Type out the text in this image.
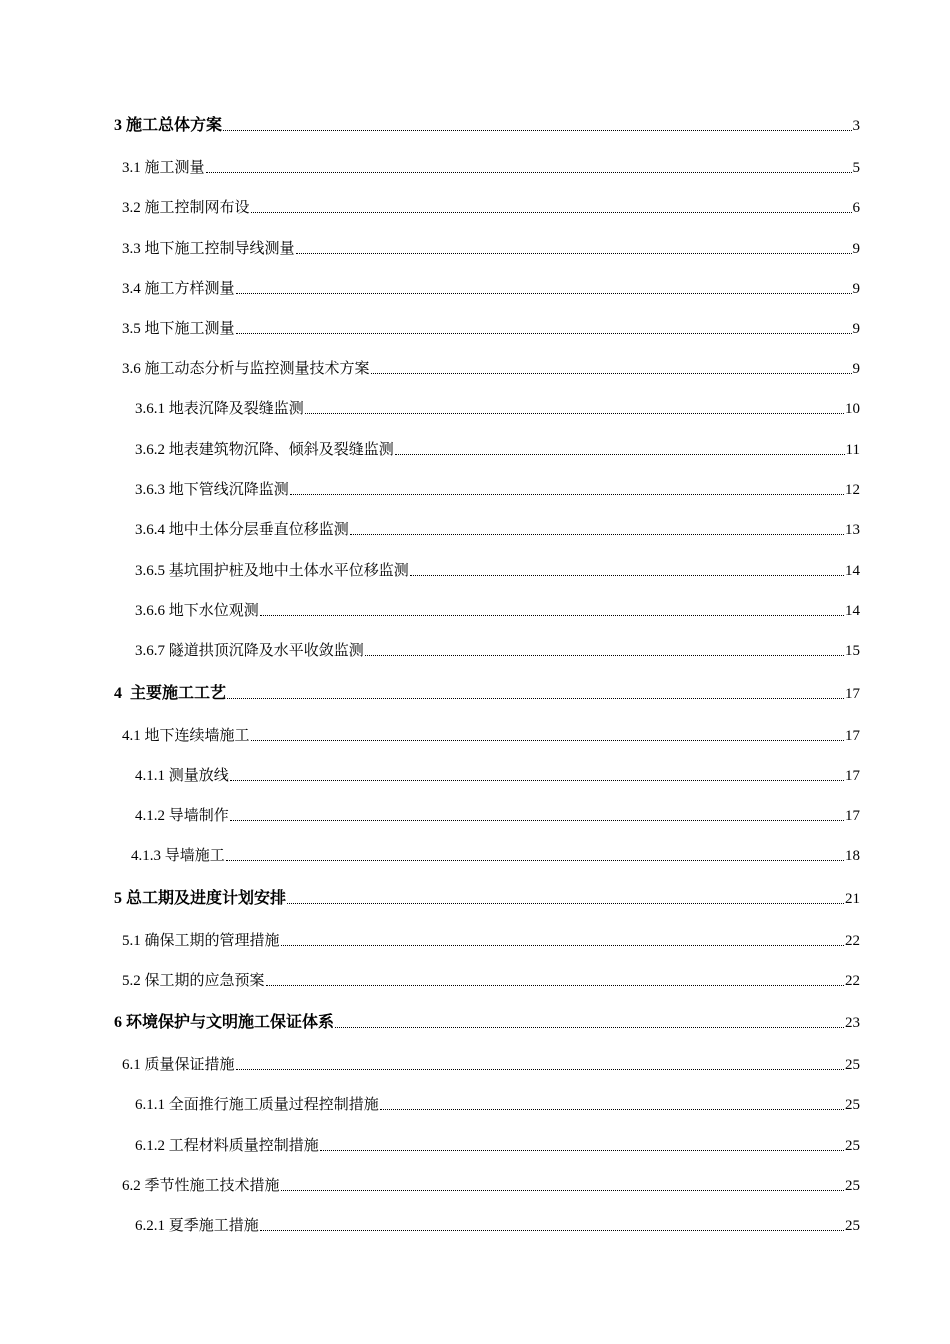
3 施工总体方案	3
3.1 施工测量	5
3.2 施工控制网布设	6
3.3 地下施工控制导线测量	9
3.4 施工方样测量	9
3.5 地下施工测量	9
3.6 施工动态分析与监控测量技术方案	9
3.6.1 地表沉降及裂缝监测	10
3.6.2 地表建筑物沉降、倾斜及裂缝监测	11
3.6.3 地下管线沉降监测	12
3.6.4 地中土体分层垂直位移监测	13
3.6.5 基坑围护桩及地中土体水平位移监测	14
3.6.6 地下水位观测	14
3.6.7 隧道拱顶沉降及水平收敛监测	15
4  主要施工工艺	17
4.1 地下连续墙施工	17
4.1.1 测量放线	17
4.1.2 导墙制作	17
4.1.3 导墙施工	18
5 总工期及进度计划安排	21
5.1 确保工期的管理措施	22
5.2 保工期的应急预案	22
6 环境保护与文明施工保证体系	23
6.1 质量保证措施	25
6.1.1 全面推行施工质量过程控制措施	25
6.1.2 工程材料质量控制措施	25
6.2 季节性施工技术措施	25
6.2.1 夏季施工措施	25
